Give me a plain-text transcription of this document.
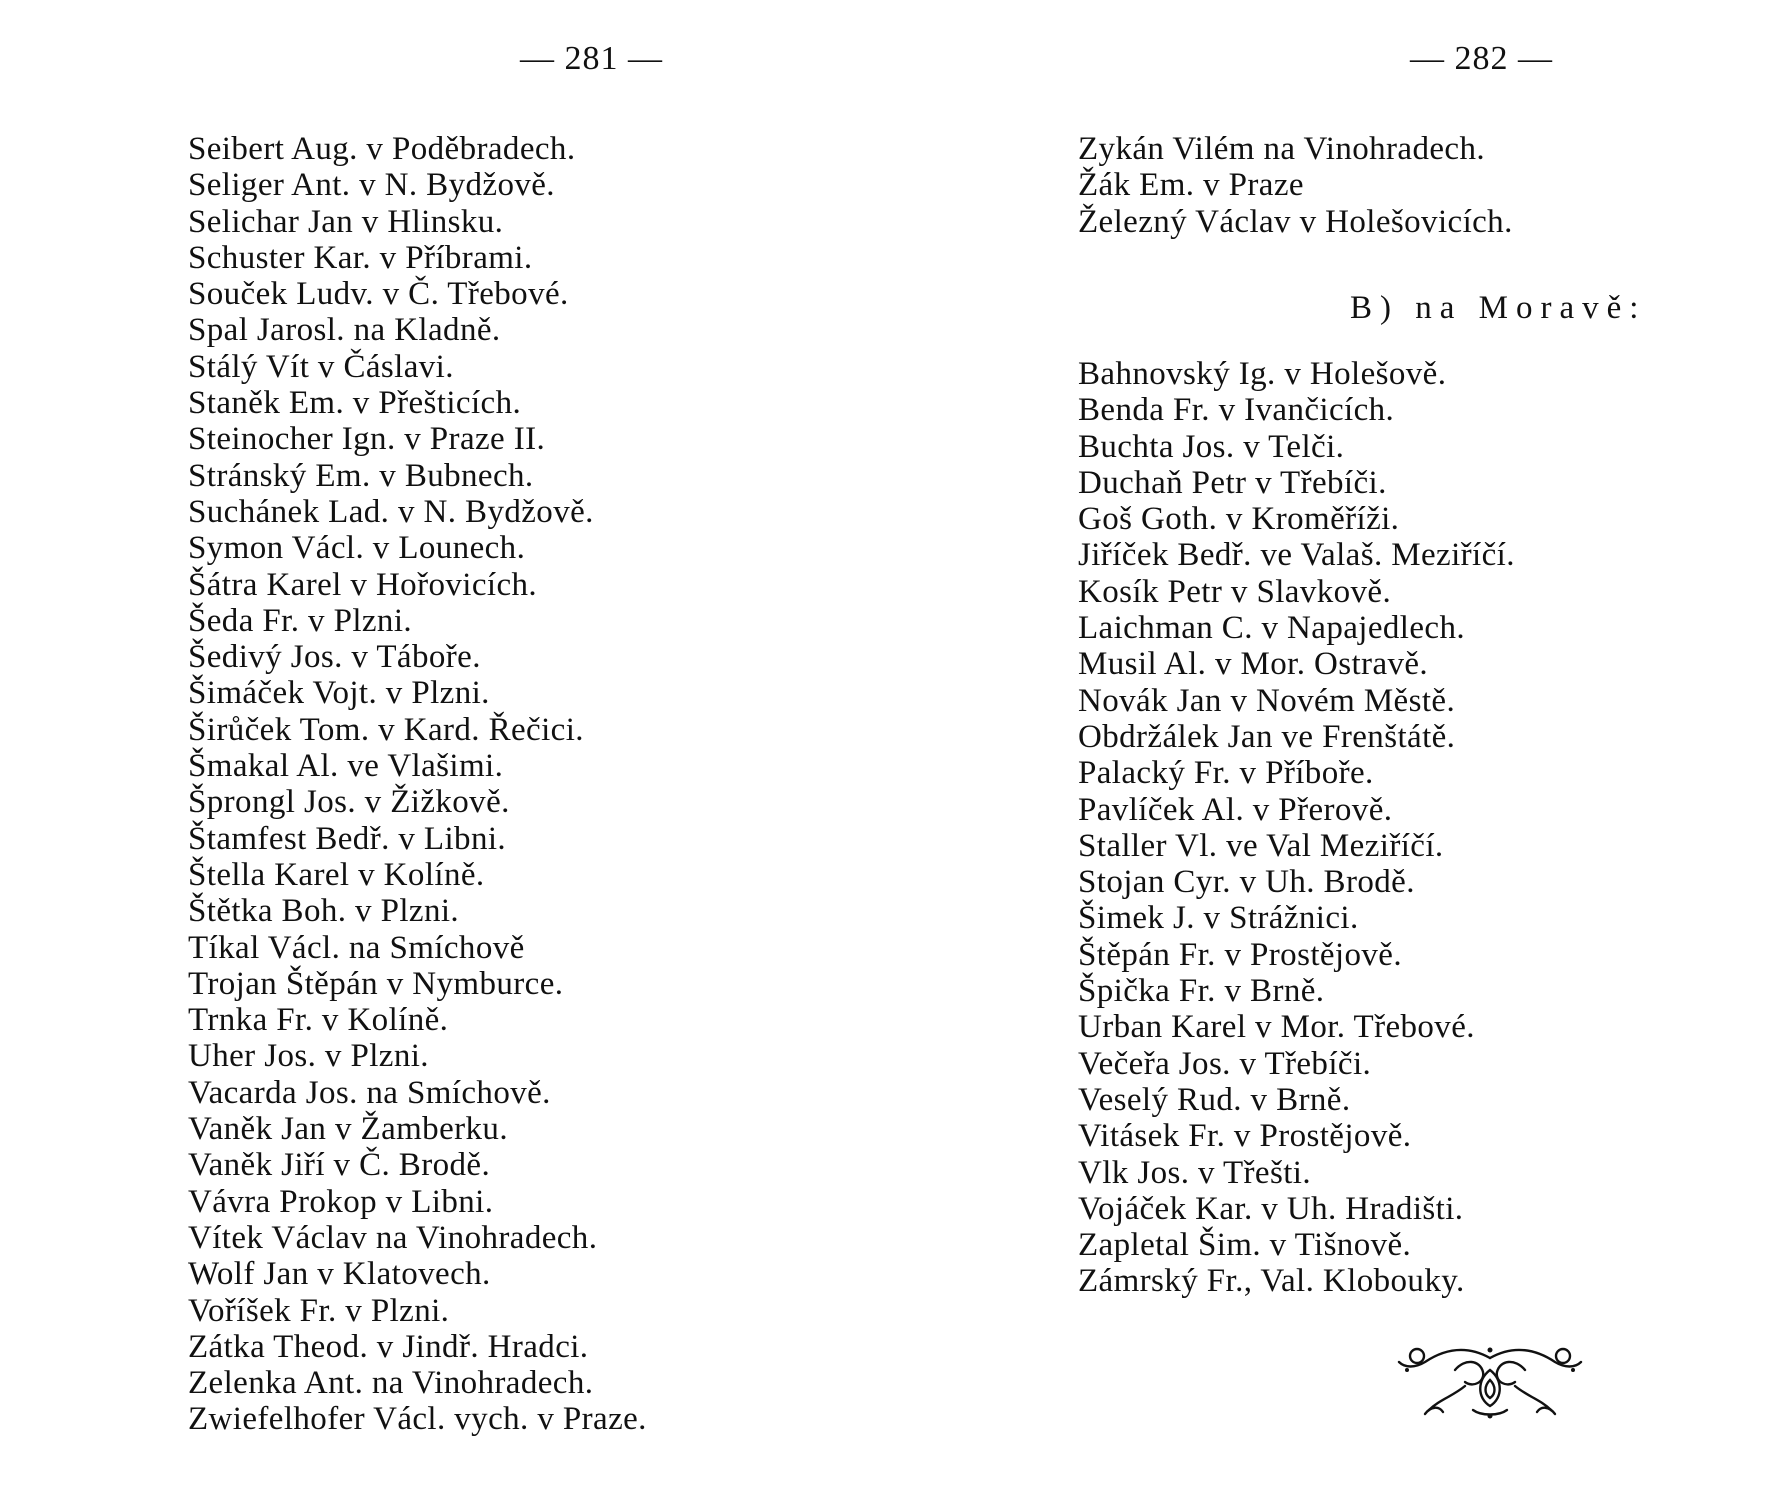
— 281 —
Seibert Aug. v Poděbradech.
Seliger Ant. v N. Bydžově.
Selichar Jan v Hlinsku.
Schuster Kar. v Příbrami.
Souček Ludv. v Č. Třebové.
Spal Jarosl. na Kladně.
Stálý Vít v Čáslavi.
Staněk Em. v Přešticích.
Steinocher Ign. v Praze II.
Stránský Em. v Bubnech.
Suchánek Lad. v N. Bydžově.
Symon Václ. v Lounech.
Šátra Karel v Hořovicích.
Šeda Fr. v Plzni.
Šedivý Jos. v Táboře.
Šimáček Vojt. v Plzni.
Širůček Tom. v Kard. Řečici.
Šmakal Al. ve Vlašimi.
Šprongl Jos. v Žižkově.
Štamfest Bedř. v Libni.
Štella Karel v Kolíně.
Štětka Boh. v Plzni.
Tíkal Václ. na Smíchově
Trojan Štěpán v Nymburce.
Trnka Fr. v Kolíně.
Uher Jos. v Plzni.
Vacarda Jos. na Smíchově.
Vaněk Jan v Žamberku.
Vaněk Jiří v Č. Brodě.
Vávra Prokop v Libni.
Vítek Václav na Vinohradech.
Wolf Jan v Klatovech.
Voříšek Fr. v Plzni.
Zátka Theod. v Jindř. Hradci.
Zelenka Ant. na Vinohradech.
Zwiefelhofer Václ. vych. v Praze.
— 282 —
Zykán Vilém na Vinohradech.
Žák Em. v Praze
Železný Václav v Holešovicích.
B) na Moravě:
Bahnovský Ig. v Holešově.
Benda Fr. v Ivančicích.
Buchta Jos. v Telči.
Duchaň Petr v Třebíči.
Goš Goth. v Kroměříži.
Jiříček Bedř. ve Valaš. Meziříčí.
Kosík Petr v Slavkově.
Laichman C. v Napajedlech.
Musil Al. v Mor. Ostravě.
Novák Jan v Novém Městě.
Obdržálek Jan ve Frenštátě.
Palacký Fr. v Příboře.
Pavlíček Al. v Přerově.
Staller Vl. ve Val Meziříčí.
Stojan Cyr. v Uh. Brodě.
Šimek J. v Strážnici.
Štěpán Fr. v Prostějově.
Špička Fr. v Brně.
Urban Karel v Mor. Třebové.
Večeřa Jos. v Třebíči.
Veselý Rud. v Brně.
Vitásek Fr. v Prostějově.
Vlk Jos. v Třešti.
Vojáček Kar. v Uh. Hradišti.
Zapletal Šim. v Tišnově.
Zámrský Fr., Val. Klobouky.
